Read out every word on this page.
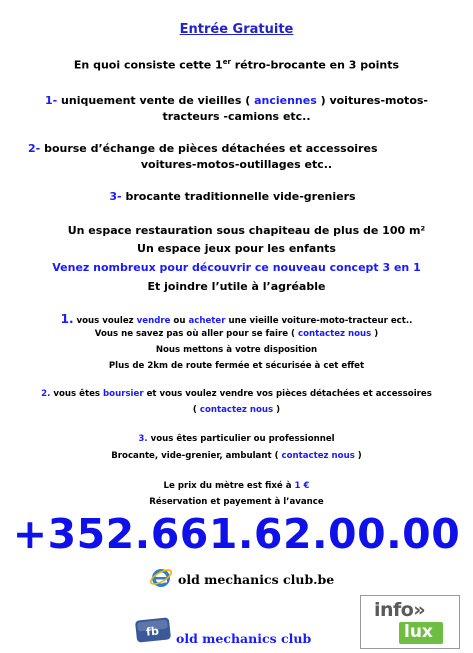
Entrée Gratuite
En quoi consiste cette 1er rétro-brocante en 3 points
1- uniquement vente de vieilles ( anciennes ) voitures-motos-
tracteurs -camions etc..
2- bourse d’échange de pièces détachées et accessoires
voitures-motos-outillages etc..
3- brocante traditionnelle vide-greniers
Un espace restauration sous chapiteau de plus de 100 m²
Un espace jeux pour les enfants
Venez nombreux pour découvrir ce nouveau concept 3 en 1
Et joindre l’utile à l’agréable
1. vous voulez vendre ou acheter une vieille voiture-moto-tracteur ect..
Vous ne savez pas où aller pour se faire ( contactez nous )
Nous mettons à votre disposition
Plus de 2km de route fermée et sécurisée à cet effet
2. vous êtes boursier et vous voulez vendre vos pièces détachées et accessoires
( contactez nous )
3. vous êtes particulier ou professionnel
Brocante, vide-grenier, ambulant ( contactez nous )
Le prix du mètre est fixé à 1 €
Réservation et payement à l’avance
+352.661.62.00.00
old mechanics club.be
fb old mechanics club
info»
lux
